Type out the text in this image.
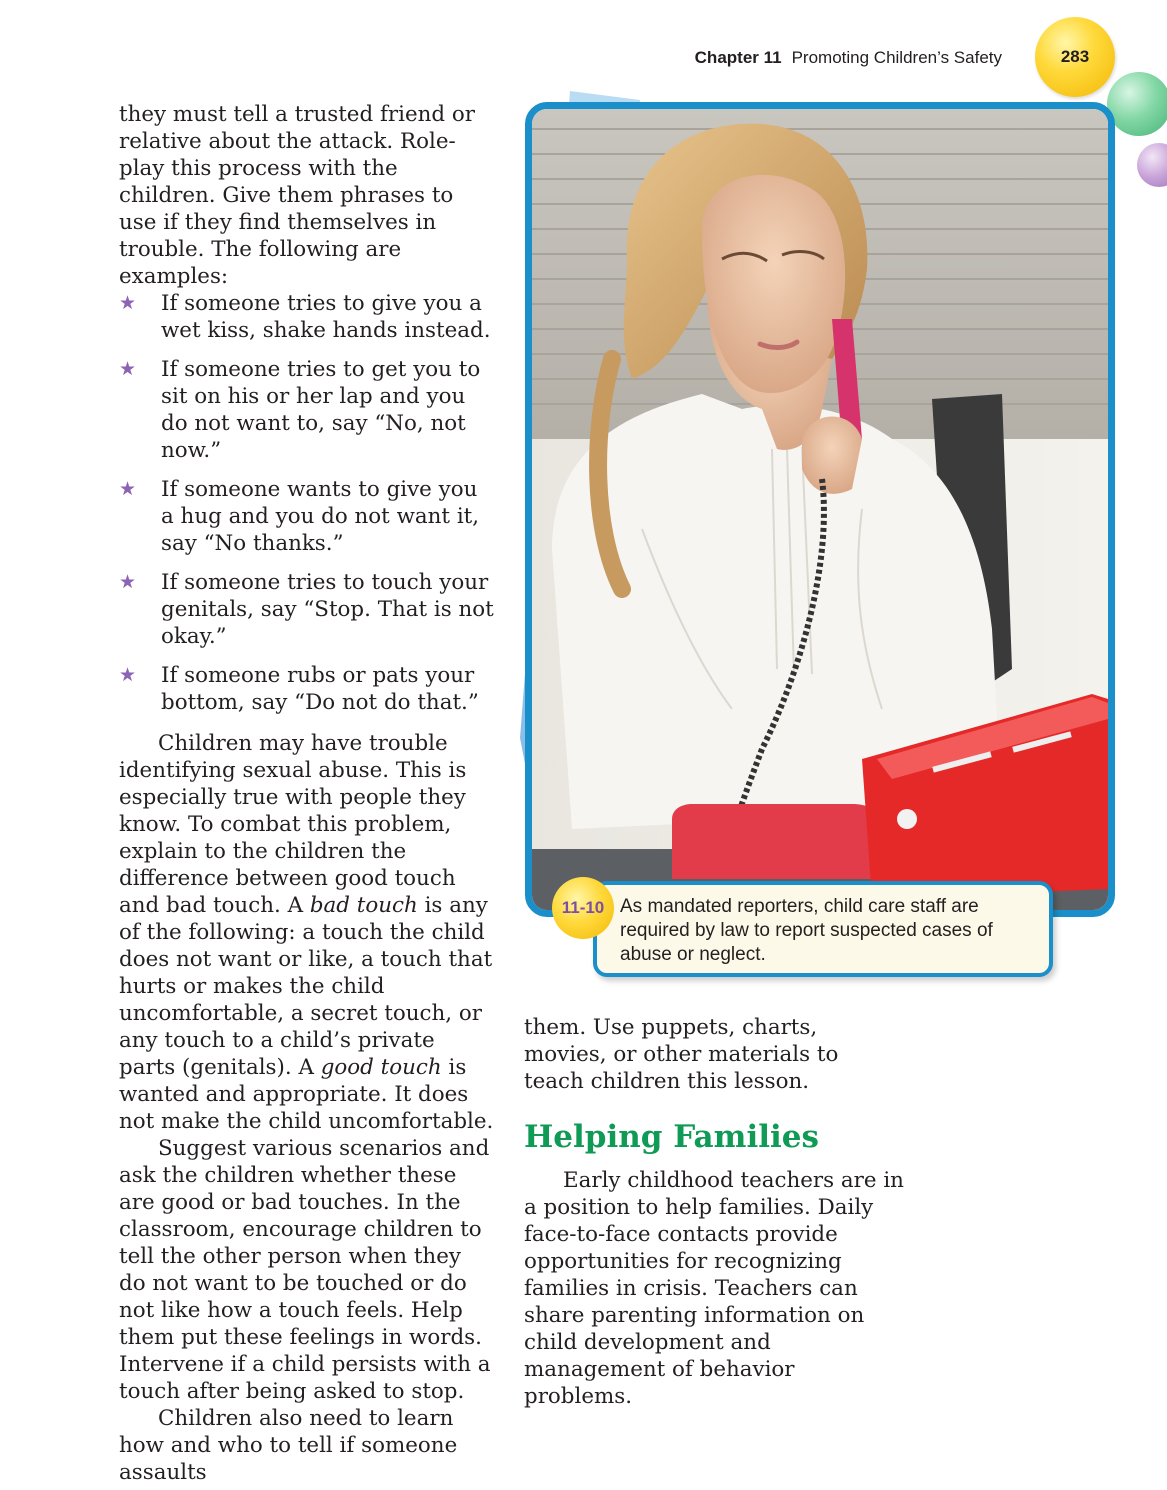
Chapter 11 Promoting Children’s Safety	283

they must tell a trusted friend or relative about the attack. Role-play this process with the children. Give them phrases to use if they find themselves in trouble. The following are examples:

★ If someone tries to give you a wet kiss, shake hands instead.
★ If someone tries to get you to sit on his or her lap and you do not want to, say “No, not now.”
★ If someone wants to give you a hug and you do not want it, say “No thanks.”
★ If someone tries to touch your genitals, say “Stop. That is not okay.”
★ If someone rubs or pats your bottom, say “Do not do that.”

Children may have trouble identifying sexual abuse. This is especially true with people they know. To combat this problem, explain to the children the difference between good touch and bad touch. A bad touch is any of the following: a touch the child does not want or like, a touch that hurts or makes the child uncomfortable, a secret touch, or any touch to a child’s private parts (genitals). A good touch is wanted and appropriate. It does not make the child uncomfortable.

Suggest various scenarios and ask the children whether these are good or bad touches. In the classroom, encourage children to tell the other person when they do not want to be touched or do not like how a touch feels. Help them put these feelings in words. Intervene if a child persists with a touch after being asked to stop.

Children also need to learn how and who to tell if someone assaults

As mandated reporters, child care staff are required by law to report suspected cases of abuse or neglect.
11-10

them. Use puppets, charts, movies, or other materials to teach children this lesson.

Helping Families

Early childhood teachers are in a position to help families. Daily face-to-face contacts provide opportunities for recognizing families in crisis. Teachers can share parenting information on child development and management of behavior problems.
